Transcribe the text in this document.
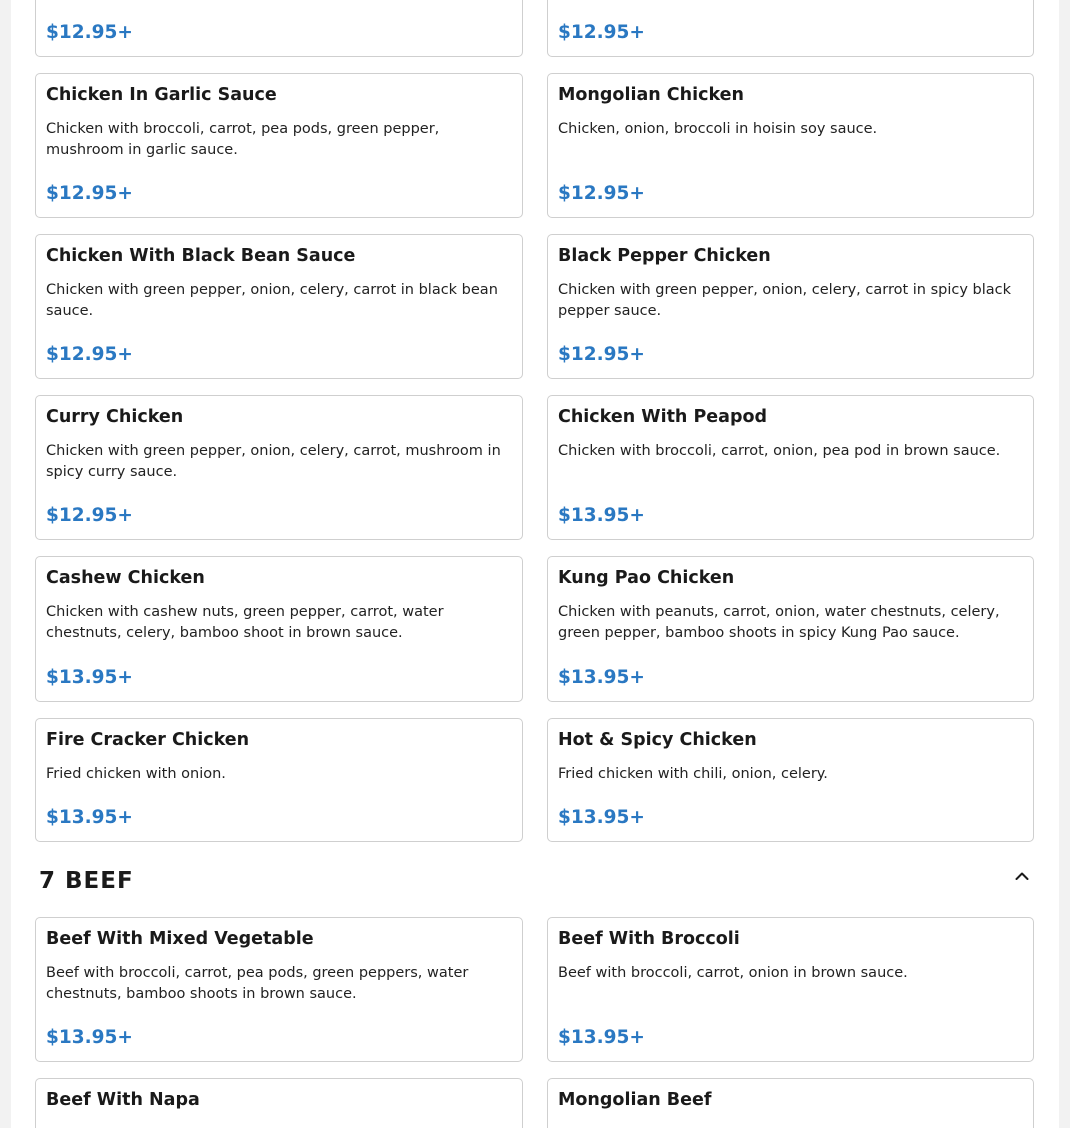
$12.95+	$12.95+
Chicken In Garlic Sauce
Chicken with broccoli, carrot, pea pods, green pepper, mushroom in garlic sauce.
$12.95+
Mongolian Chicken
Chicken, onion, broccoli in hoisin soy sauce.
$12.95+
Chicken With Black Bean Sauce
Chicken with green pepper, onion, celery, carrot in black bean sauce.
$12.95+
Black Pepper Chicken
Chicken with green pepper, onion, celery, carrot in spicy black pepper sauce.
$12.95+
Curry Chicken
Chicken with green pepper, onion, celery, carrot, mushroom in spicy curry sauce.
$12.95+
Chicken With Peapod
Chicken with broccoli, carrot, onion, pea pod in brown sauce.
$13.95+
Cashew Chicken
Chicken with cashew nuts, green pepper, carrot, water chestnuts, celery, bamboo shoot in brown sauce.
$13.95+
Kung Pao Chicken
Chicken with peanuts, carrot, onion, water chestnuts, celery, green pepper, bamboo shoots in spicy Kung Pao sauce.
$13.95+
Fire Cracker Chicken
Fried chicken with onion.
$13.95+
Hot & Spicy Chicken
Fried chicken with chili, onion, celery.
$13.95+
7 BEEF
Beef With Mixed Vegetable
Beef with broccoli, carrot, pea pods, green peppers, water chestnuts, bamboo shoots in brown sauce.
$13.95+
Beef With Broccoli
Beef with broccoli, carrot, onion in brown sauce.
$13.95+
Beef With Napa	Mongolian Beef
